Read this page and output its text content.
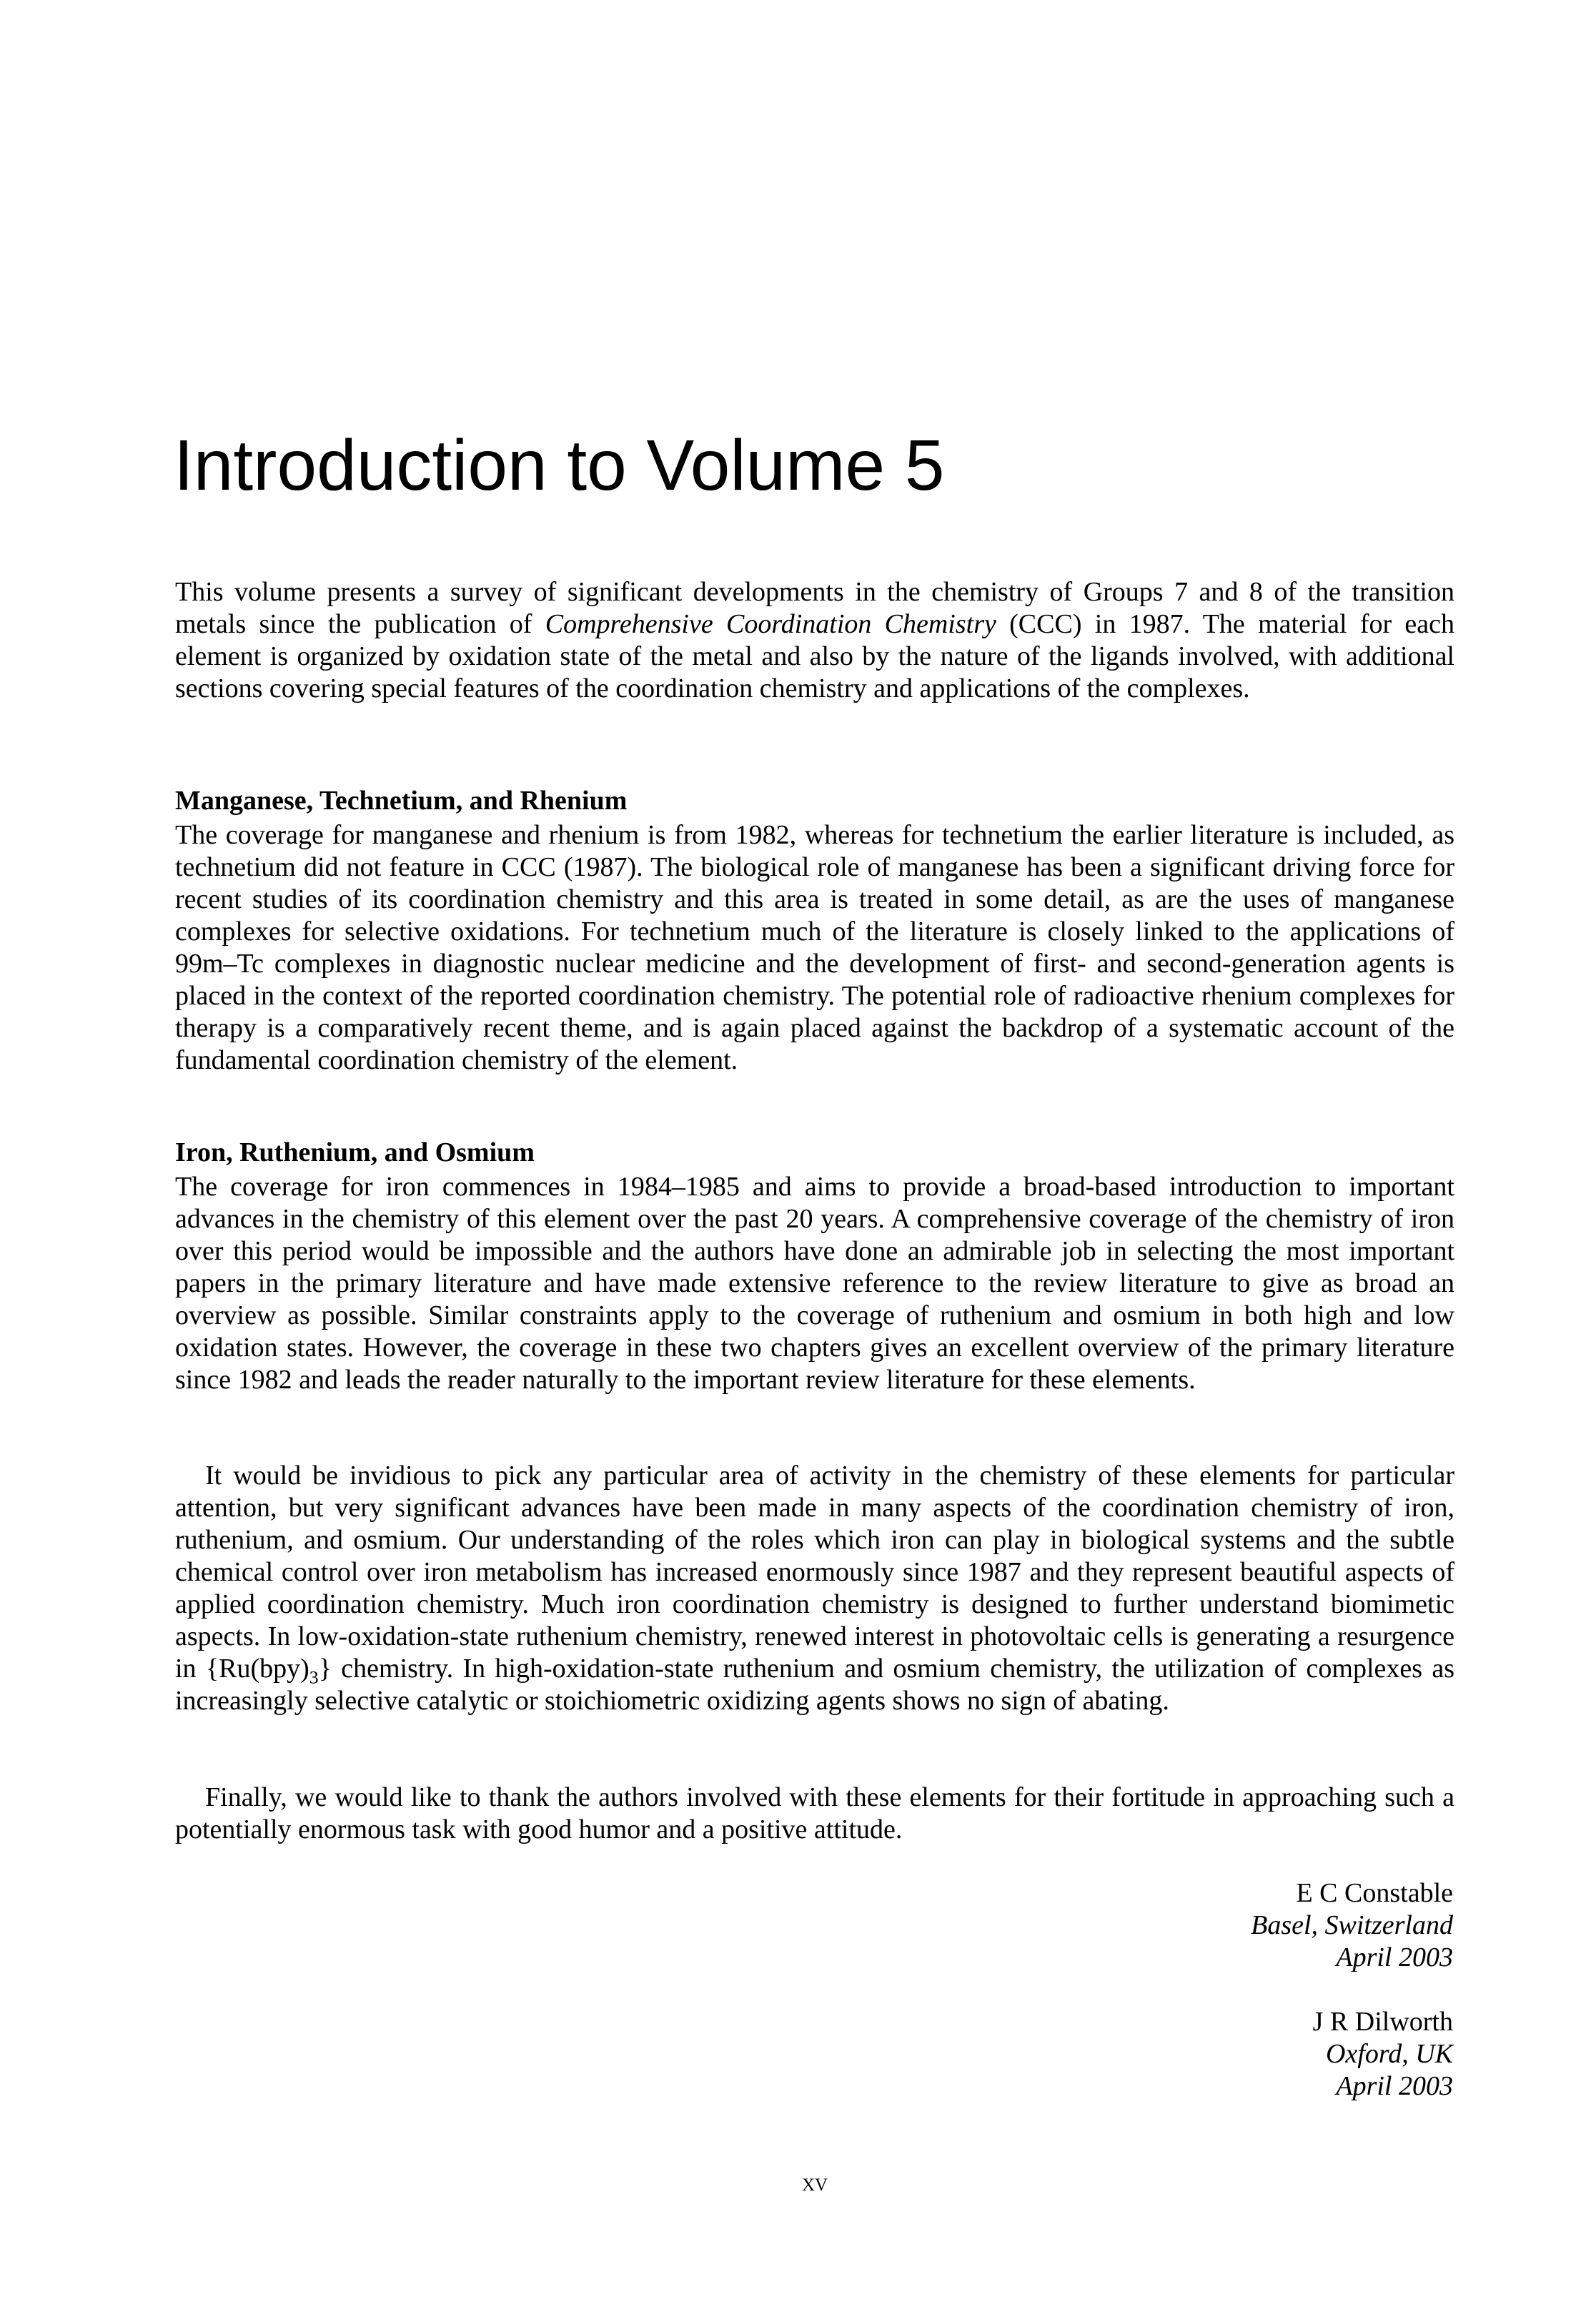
Introduction to Volume 5

This volume presents a survey of significant developments in the chemistry of Groups 7 and 8 of the transition metals since the publication of Comprehensive Coordination Chemistry (CCC) in 1987. The material for each element is organized by oxidation state of the metal and also by the nature of the ligands involved, with additional sections covering special features of the coordination chemistry and applications of the complexes.

Manganese, Technetium, and Rhenium

The coverage for manganese and rhenium is from 1982, whereas for technetium the earlier literature is included, as technetium did not feature in CCC (1987). The biological role of manganese has been a significant driving force for recent studies of its coordination chemistry and this area is treated in some detail, as are the uses of manganese complexes for selective oxidations. For technetium much of the literature is closely linked to the applications of 99m–Tc complexes in diagnostic nuclear medicine and the development of first- and second-generation agents is placed in the context of the reported coordination chemistry. The potential role of radioactive rhenium complexes for therapy is a comparatively recent theme, and is again placed against the backdrop of a systematic account of the fundamental coordination chemistry of the element.

Iron, Ruthenium, and Osmium

The coverage for iron commences in 1984–1985 and aims to provide a broad-based introduction to important advances in the chemistry of this element over the past 20 years. A comprehensive coverage of the chemistry of iron over this period would be impossible and the authors have done an admirable job in selecting the most important papers in the primary literature and have made extensive reference to the review literature to give as broad an overview as possible. Similar constraints apply to the coverage of ruthenium and osmium in both high and low oxidation states. However, the coverage in these two chapters gives an excellent overview of the primary literature since 1982 and leads the reader naturally to the important review literature for these elements.

It would be invidious to pick any particular area of activity in the chemistry of these elements for particular attention, but very significant advances have been made in many aspects of the coordination chemistry of iron, ruthenium, and osmium. Our understanding of the roles which iron can play in biological systems and the subtle chemical control over iron metabolism has increased enormously since 1987 and they represent beautiful aspects of applied coordination chemistry. Much iron coordination chemistry is designed to further understand biomimetic aspects. In low-oxidation-state ruthenium chemistry, renewed interest in photovoltaic cells is generating a resurgence in $\{Ru(bpy)_3\}$ chemistry. In high-oxidation-state ruthenium and osmium chemistry, the utilization of complexes as increasingly selective catalytic or stoichiometric oxidizing agents shows no sign of abating.

Finally, we would like to thank the authors involved with these elements for their fortitude in approaching such a potentially enormous task with good humor and a positive attitude.

E C Constable
Basel, Switzerland
April 2003
J R Dilworth
Oxford, UK
April 2003
xv
